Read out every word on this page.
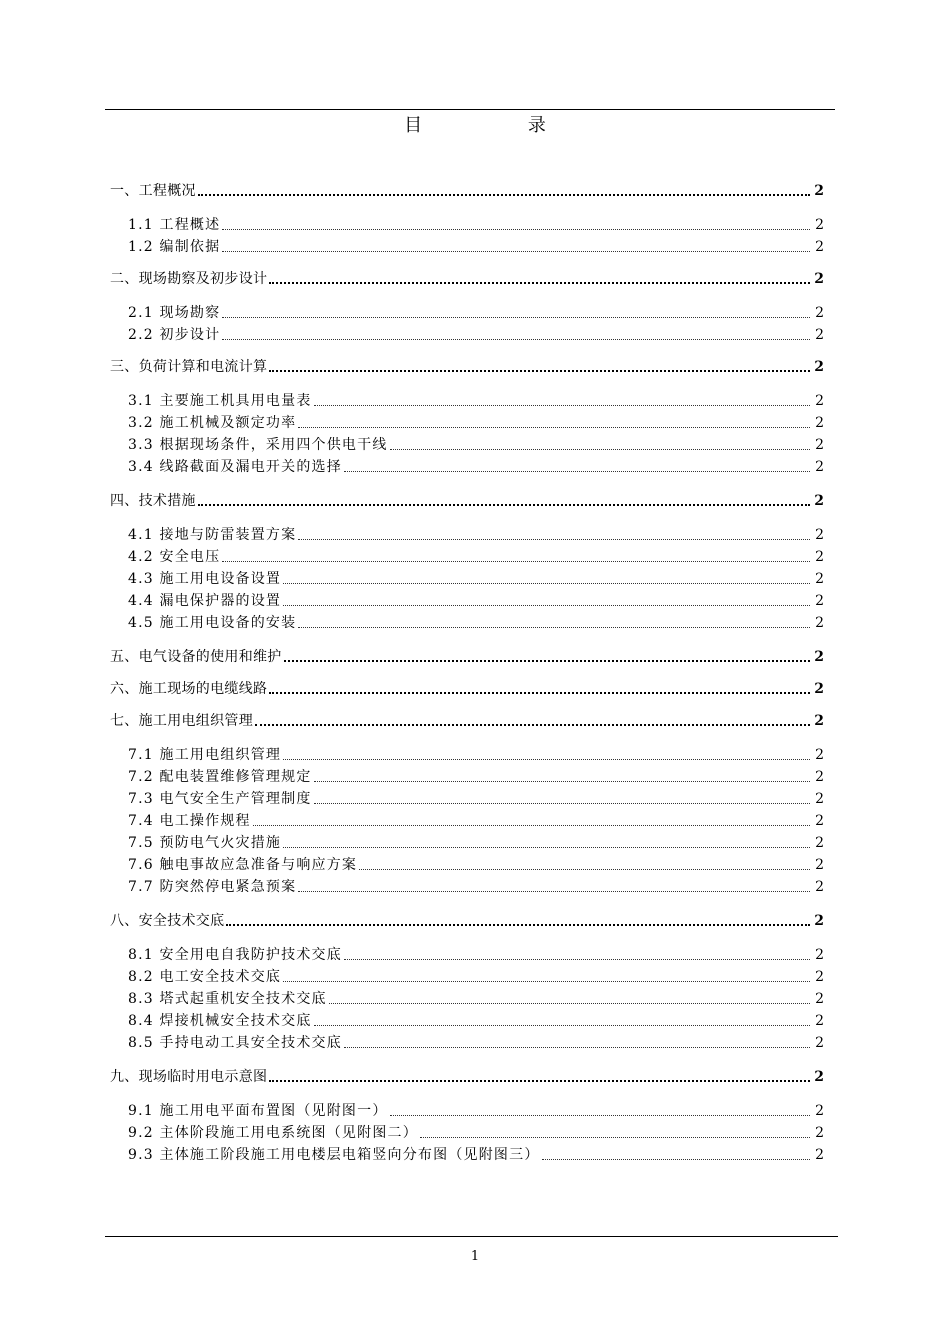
目 录
一、工程概况	2
1.1 工程概述	2
1.2 编制依据	2
二、现场勘察及初步设计	2
2.1 现场勘察	2
2.2 初步设计	2
三、负荷计算和电流计算	2
3.1 主要施工机具用电量表	2
3.2 施工机械及额定功率	2
3.3 根据现场条件，采用四个供电干线	2
3.4 线路截面及漏电开关的选择	2
四、技术措施	2
4.1 接地与防雷装置方案	2
4.2 安全电压	2
4.3 施工用电设备设置	2
4.4 漏电保护器的设置	2
4.5 施工用电设备的安装	2
五、电气设备的使用和维护	2
六、施工现场的电缆线路	2
七、施工用电组织管理	2
7.1 施工用电组织管理	2
7.2 配电装置维修管理规定	2
7.3 电气安全生产管理制度	2
7.4 电工操作规程	2
7.5 预防电气火灾措施	2
7.6 触电事故应急准备与响应方案	2
7.7 防突然停电紧急预案	2
八、安全技术交底	2
8.1 安全用电自我防护技术交底	2
8.2 电工安全技术交底	2
8.3 塔式起重机安全技术交底	2
8.4 焊接机械安全技术交底	2
8.5 手持电动工具安全技术交底	2
九、现场临时用电示意图	2
9.1 施工用电平面布置图（见附图一）	2
9.2 主体阶段施工用电系统图（见附图二）	2
9.3 主体施工阶段施工用电楼层电箱竖向分布图（见附图三）	2
1
